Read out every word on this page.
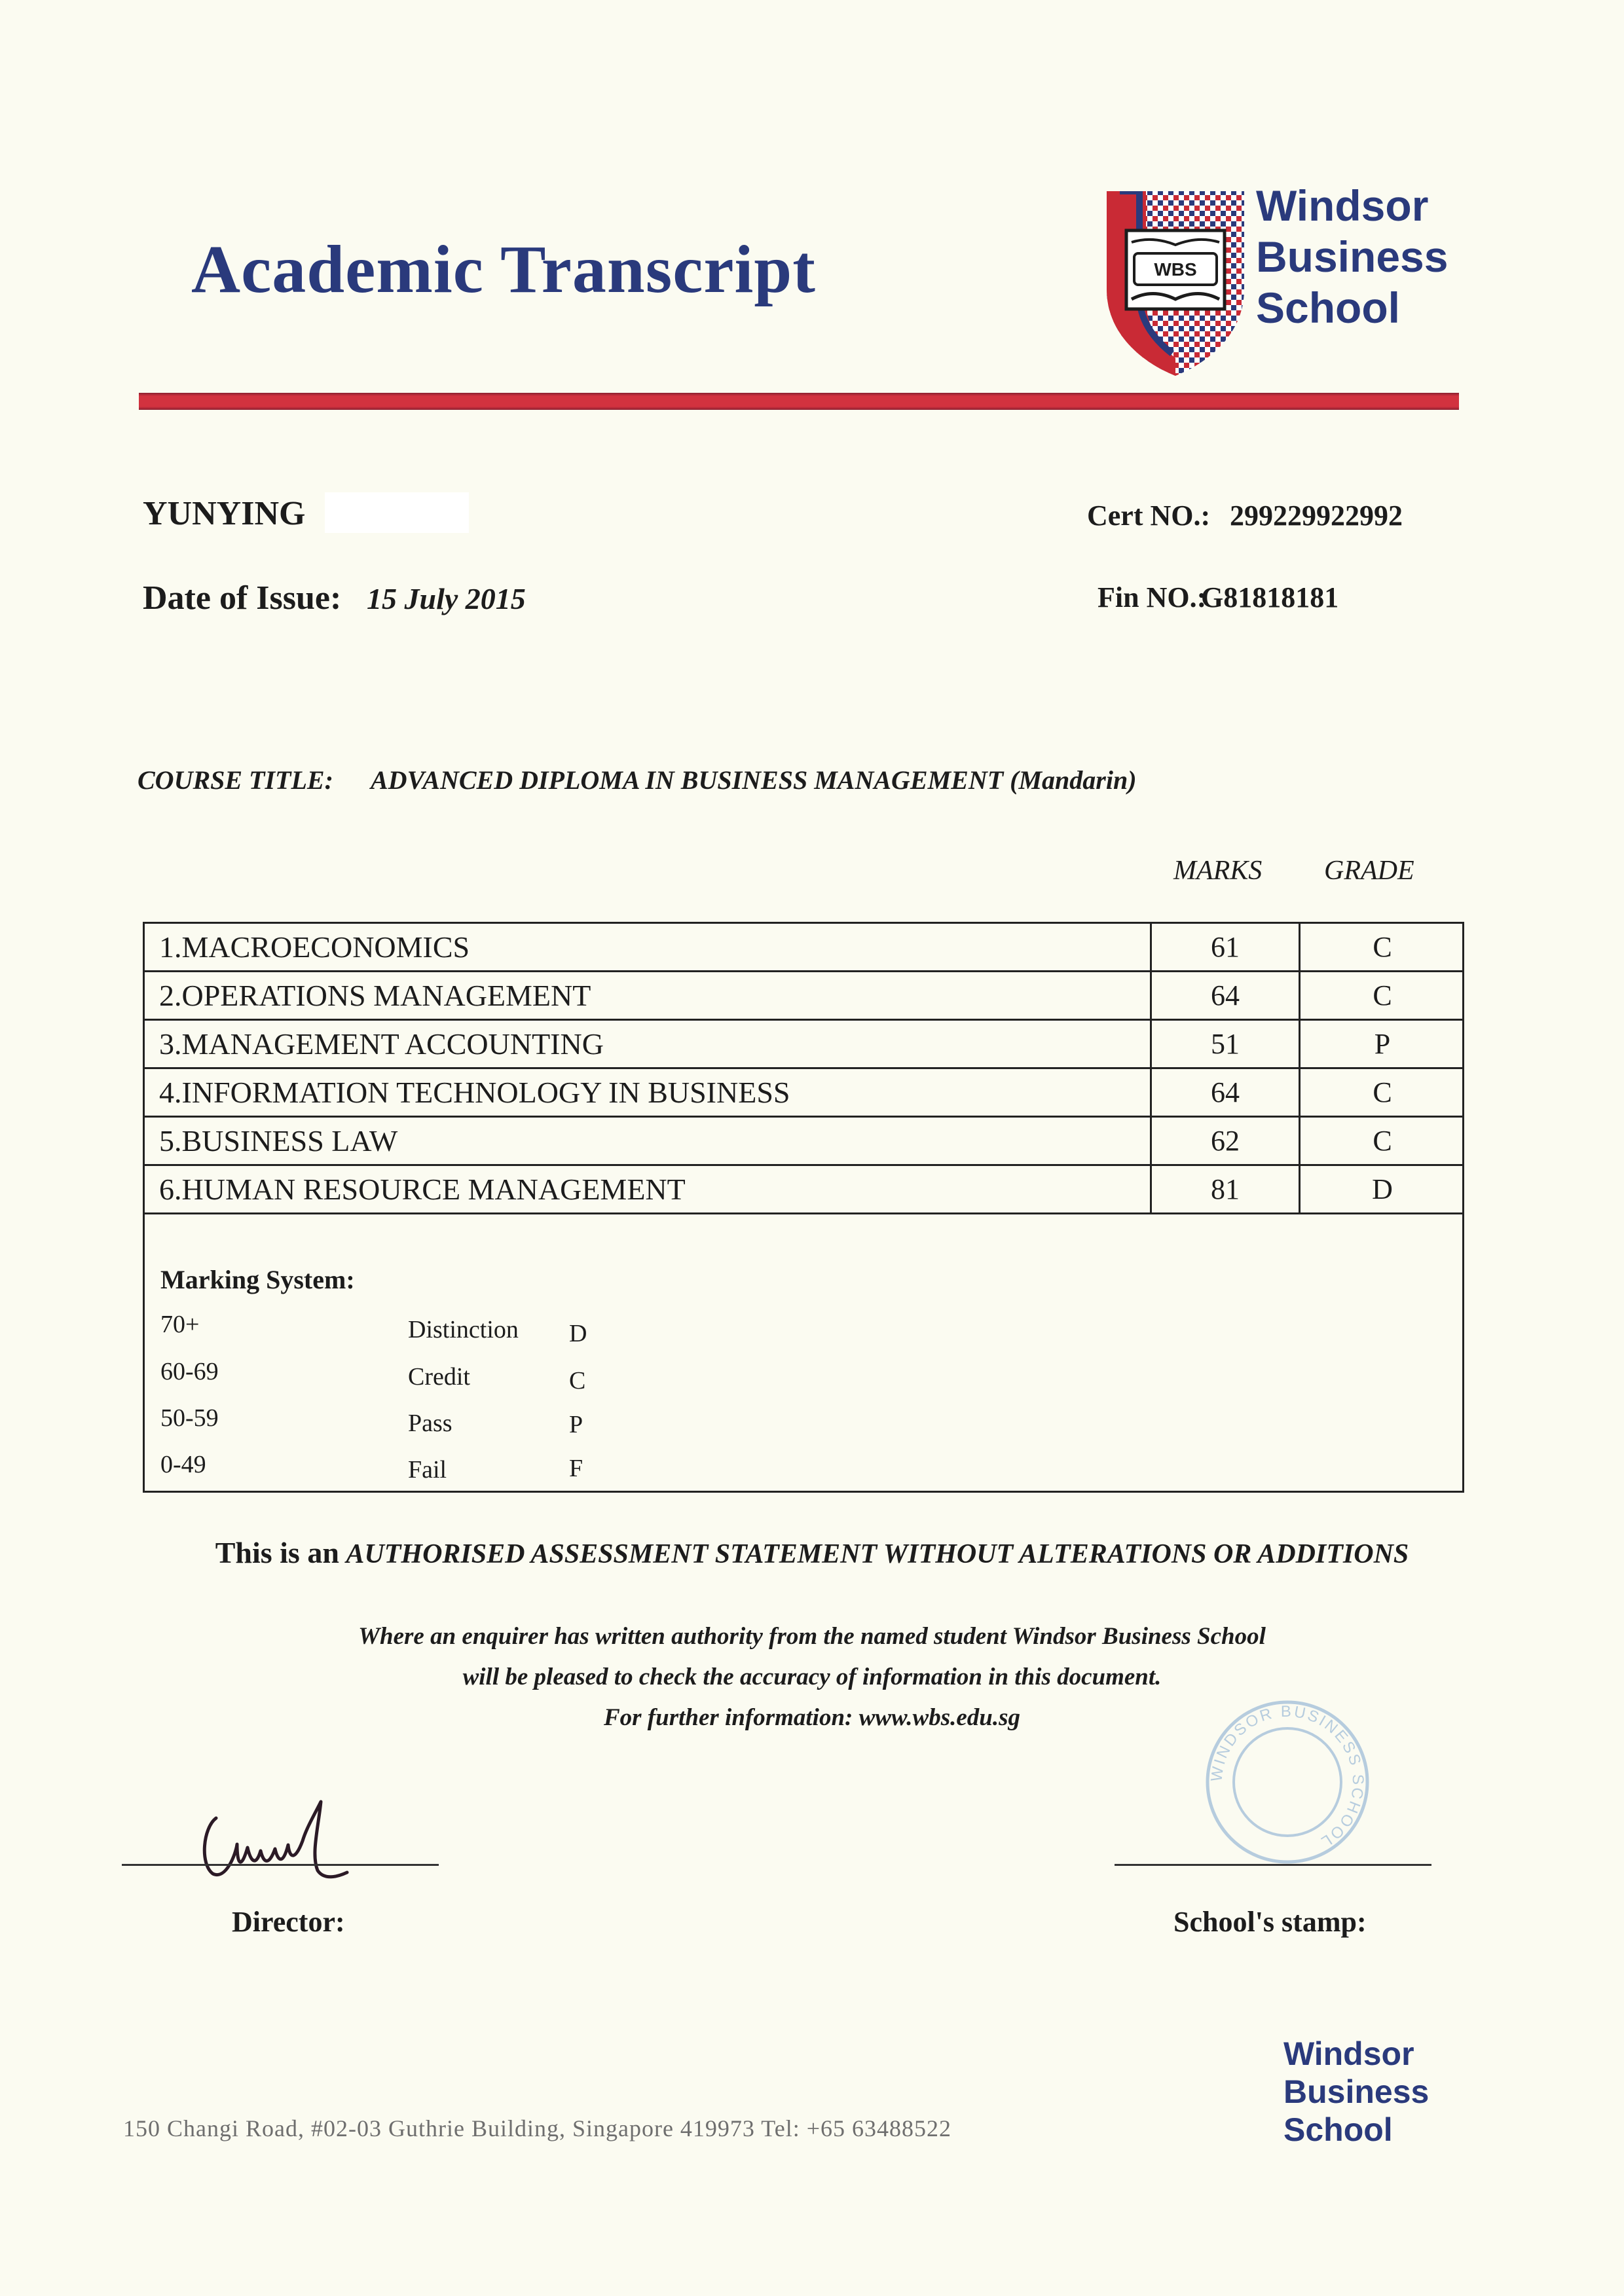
Academic Transcript	WBS
Windsor
Business
School
YUNYING
Date of Issue: 15 July 2015
Cert NO.: 299229922992
Fin NO.:
G81818181
COURSE TITLE: ADVANCED DIPLOMA IN BUSINESS MANAGEMENT (Mandarin)
MARKS GRADE
1.MACROECONOMICS	61	C
2.OPERATIONS MANAGEMENT	64	C
3.MANAGEMENT ACCOUNTING	51	P
4.INFORMATION TECHNOLOGY IN BUSINESS	64	C
5.BUSINESS LAW	62	C
6.HUMAN RESOURCE MANAGEMENT	81	D
Marking System:
70+	Distinction D
60-69	Credit	C
50-59	Pass	P
0-49	Fail	F
This is an AUTHORISED ASSESSMENT STATEMENT WITHOUT ALTERATIONS OR ADDITIONS
Where an enquirer has written authority from the named student Windsor Business School
will be pleased to check the accuracy of information in this document.
For further information: www.wbs.edu.sg
Director:
WINDSOR BUSINESS SCHOOL
School's stamp:
150 Changi Road, #02-03 Guthrie Building, Singapore 419973 Tel: +65 63488522
Windsor
Business
School
